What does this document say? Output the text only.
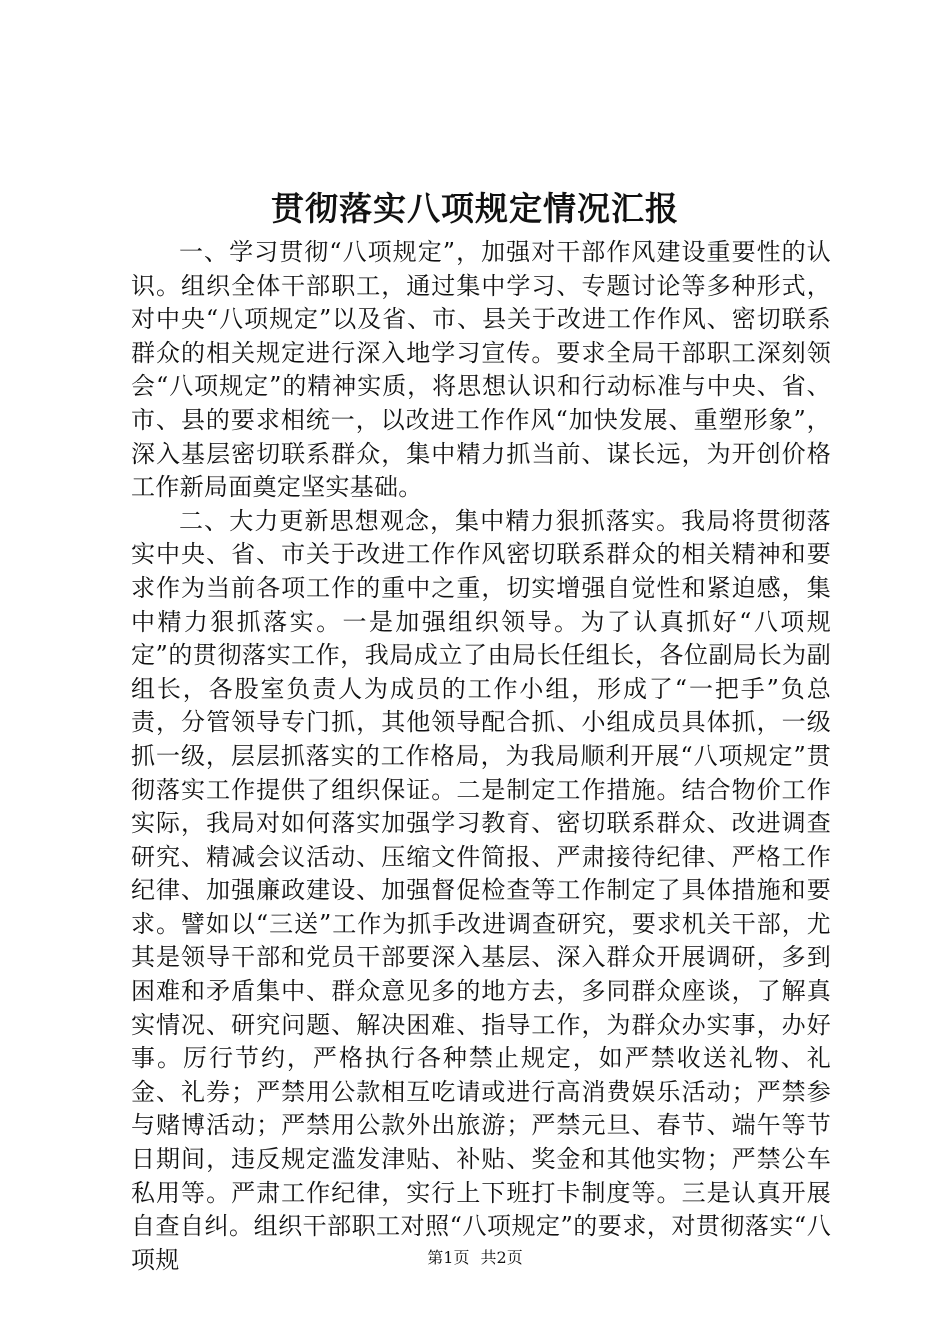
贯彻落实八项规定情况汇报

一、学习贯彻“八项规定”，加强对干部作风建设重要性的认识。组织全体干部职工，通过集中学习、专题讨论等多种形式，对中央“八项规定”以及省、市、县关于改进工作作风、密切联系群众的相关规定进行深入地学习宣传。要求全局干部职工深刻领会“八项规定”的精神实质，将思想认识和行动标准与中央、省、市、县的要求相统一，以改进工作作风“加快发展、重塑形象”，深入基层密切联系群众，集中精力抓当前、谋长远，为开创价格工作新局面奠定坚实基础。

二、大力更新思想观念，集中精力狠抓落实。我局将贯彻落实中央、省、市关于改进工作作风密切联系群众的相关精神和要求作为当前各项工作的重中之重，切实增强自觉性和紧迫感，集中精力狠抓落实。一是加强组织领导。为了认真抓好“八项规定”的贯彻落实工作，我局成立了由局长任组长，各位副局长为副组长，各股室负责人为成员的工作小组，形成了“一把手”负总责，分管领导专门抓，其他领导配合抓、小组成员具体抓，一级抓一级，层层抓落实的工作格局，为我局顺利开展“八项规定”贯彻落实工作提供了组织保证。二是制定工作措施。结合物价工作实际，我局对如何落实加强学习教育、密切联系群众、改进调查研究、精减会议活动、压缩文件简报、严肃接待纪律、严格工作纪律、加强廉政建设、加强督促检查等工作制定了具体措施和要求。譬如以“三送”工作为抓手改进调查研究，要求机关干部，尤其是领导干部和党员干部要深入基层、深入群众开展调研，多到困难和矛盾集中、群众意见多的地方去，多同群众座谈，了解真实情况、研究问题、解决困难、指导工作，为群众办实事，办好事。厉行节约，严格执行各种禁止规定，如严禁收送礼物、礼金、礼券；严禁用公款相互吃请或进行高消费娱乐活动；严禁参与赌博活动；严禁用公款外出旅游；严禁元旦、春节、端午等节日期间，违反规定滥发津贴、补贴、奖金和其他实物；严禁公车私用等。严肃工作纪律，实行上下班打卡制度等。三是认真开展自查自纠。组织干部职工对照“八项规定”的要求，对贯彻落实“八项规	第1页 共2页
